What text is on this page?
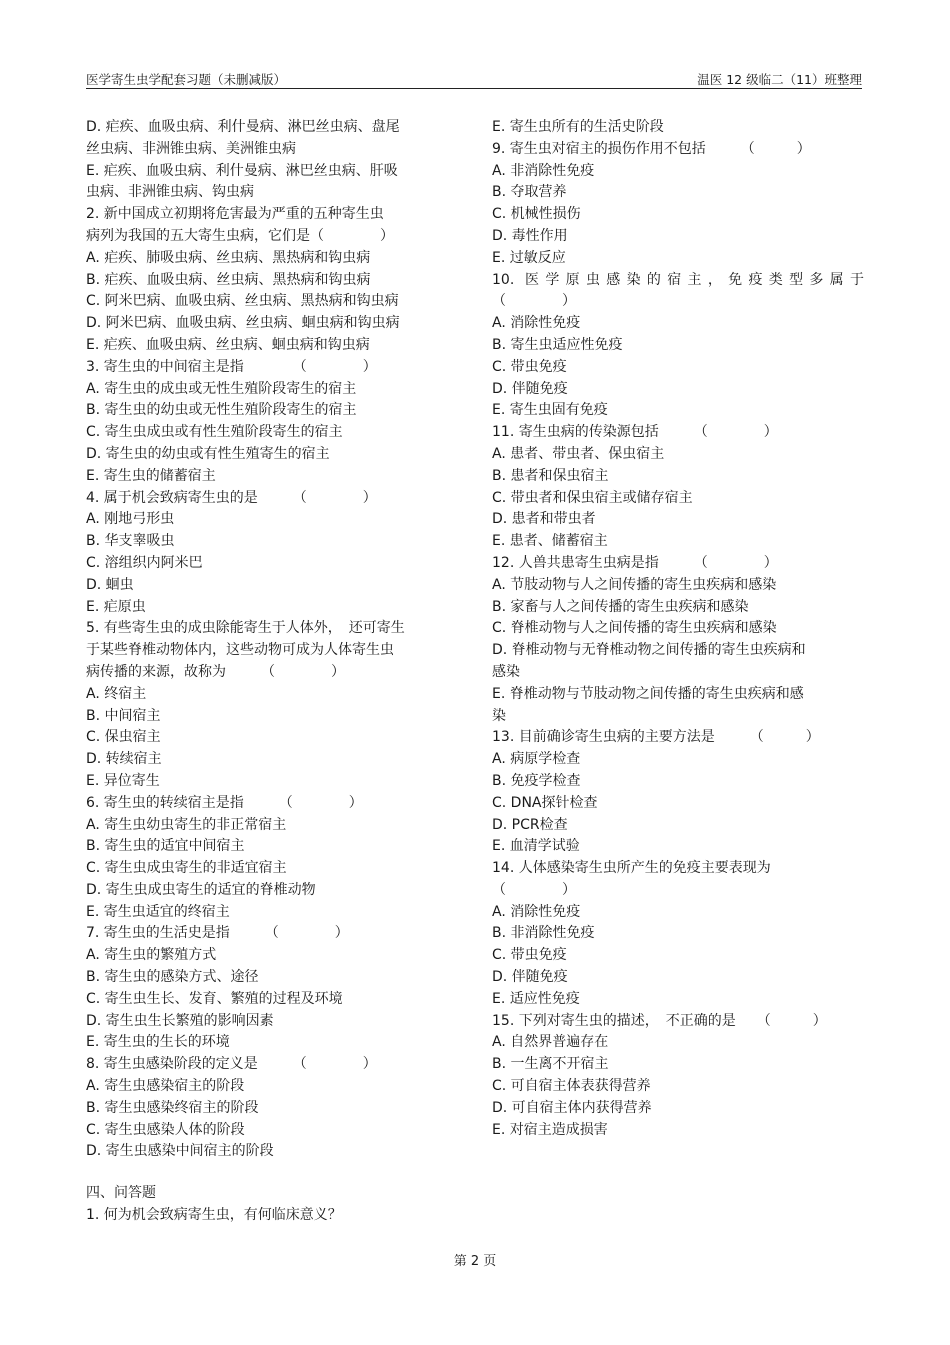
医学寄生虫学配套习题（未删减版）	温医 12 级临二（11）班整理
D. 疟疾、血吸虫病、利什曼病、淋巴丝虫病、盘尾
丝虫病、非洲锥虫病、美洲锥虫病
E. 疟疾、血吸虫病、利什曼病、淋巴丝虫病、肝吸
虫病、非洲锥虫病、钩虫病
2. 新中国成立初期将危害最为严重的五种寄生虫
病列为我国的五大寄生虫病，它们是（　　　　）
A. 疟疾、肺吸虫病、丝虫病、黑热病和钩虫病
B. 疟疾、血吸虫病、丝虫病、黑热病和钩虫病
C. 阿米巴病、血吸虫病、丝虫病、黑热病和钩虫病
D. 阿米巴病、血吸虫病、丝虫病、蛔虫病和钩虫病
E. 疟疾、血吸虫病、丝虫病、蛔虫病和钩虫病
3. 寄生虫的中间宿主是指　　　　（　　　　）
A. 寄生虫的成虫或无性生殖阶段寄生的宿主
B. 寄生虫的幼虫或无性生殖阶段寄生的宿主
C. 寄生虫成虫或有性生殖阶段寄生的宿主
D. 寄生虫的幼虫或有性生殖寄生的宿主
E. 寄生虫的储蓄宿主
4. 属于机会致病寄生虫的是　　　（　　　　）
A. 刚地弓形虫
B. 华支睾吸虫
C. 溶组织内阿米巴
D. 蛔虫
E. 疟原虫
5. 有些寄生虫的成虫除能寄生于人体外，　还可寄生
于某些脊椎动物体内，这些动物可成为人体寄生虫
病传播的来源，故称为　　　（　　　　）
A. 终宿主
B. 中间宿主
C. 保虫宿主
D. 转续宿主
E. 异位寄生
6. 寄生虫的转续宿主是指　　　（　　　　）
A. 寄生虫幼虫寄生的非正常宿主
B. 寄生虫的适宜中间宿主
C. 寄生虫成虫寄生的非适宜宿主
D. 寄生虫成虫寄生的适宜的脊椎动物
E. 寄生虫适宜的终宿主
7. 寄生虫的生活史是指　　　（　　　　）
A. 寄生虫的繁殖方式
B. 寄生虫的感染方式、途径
C. 寄生虫生长、发育、繁殖的过程及环境
D. 寄生虫生长繁殖的影响因素
E. 寄生虫的生长的环境
8. 寄生虫感染阶段的定义是　　　（　　　　）
A. 寄生虫感染宿主的阶段
B. 寄生虫感染终宿主的阶段
C. 寄生虫感染人体的阶段
D. 寄生虫感染中间宿主的阶段
E. 寄生虫所有的生活史阶段
9. 寄生虫对宿主的损伤作用不包括　　　（　　　）
A. 非消除性免疫
B. 夺取营养
C. 机械性损伤
D. 毒性作用
E. 过敏反应
10. 医学原虫感染的宿主，免疫类型多属于
（　　　　）
A. 消除性免疫
B. 寄生虫适应性免疫
C. 带虫免疫
D. 伴随免疫
E. 寄生虫固有免疫
11. 寄生虫病的传染源包括　　　（　　　　）
A. 患者、带虫者、保虫宿主
B. 患者和保虫宿主
C. 带虫者和保虫宿主或储存宿主
D. 患者和带虫者
E. 患者、储蓄宿主
12. 人兽共患寄生虫病是指　　　（　　　　）
A. 节肢动物与人之间传播的寄生虫疾病和感染
B. 家畜与人之间传播的寄生虫疾病和感染
C. 脊椎动物与人之间传播的寄生虫疾病和感染
D. 脊椎动物与无脊椎动物之间传播的寄生虫疾病和
感染
E. 脊椎动物与节肢动物之间传播的寄生虫疾病和感
染
13. 目前确诊寄生虫病的主要方法是　　　（　　　）
A. 病原学检查
B. 免疫学检查
C. DNA探针检查
D. PCR检查
E. 血清学试验
14. 人体感染寄生虫所产生的免疫主要表现为
（　　　　）
A. 消除性免疫
B. 非消除性免疫
C. 带虫免疫
D. 伴随免疫
E. 适应性免疫
15. 下列对寄生虫的描述，　不正确的是　　（　　　）
A. 自然界普遍存在
B. 一生离不开宿主
C. 可自宿主体表获得营养
D. 可自宿主体内获得营养
E. 对宿主造成损害
四、问答题
1. 何为机会致病寄生虫，有何临床意义？
第 2 页
